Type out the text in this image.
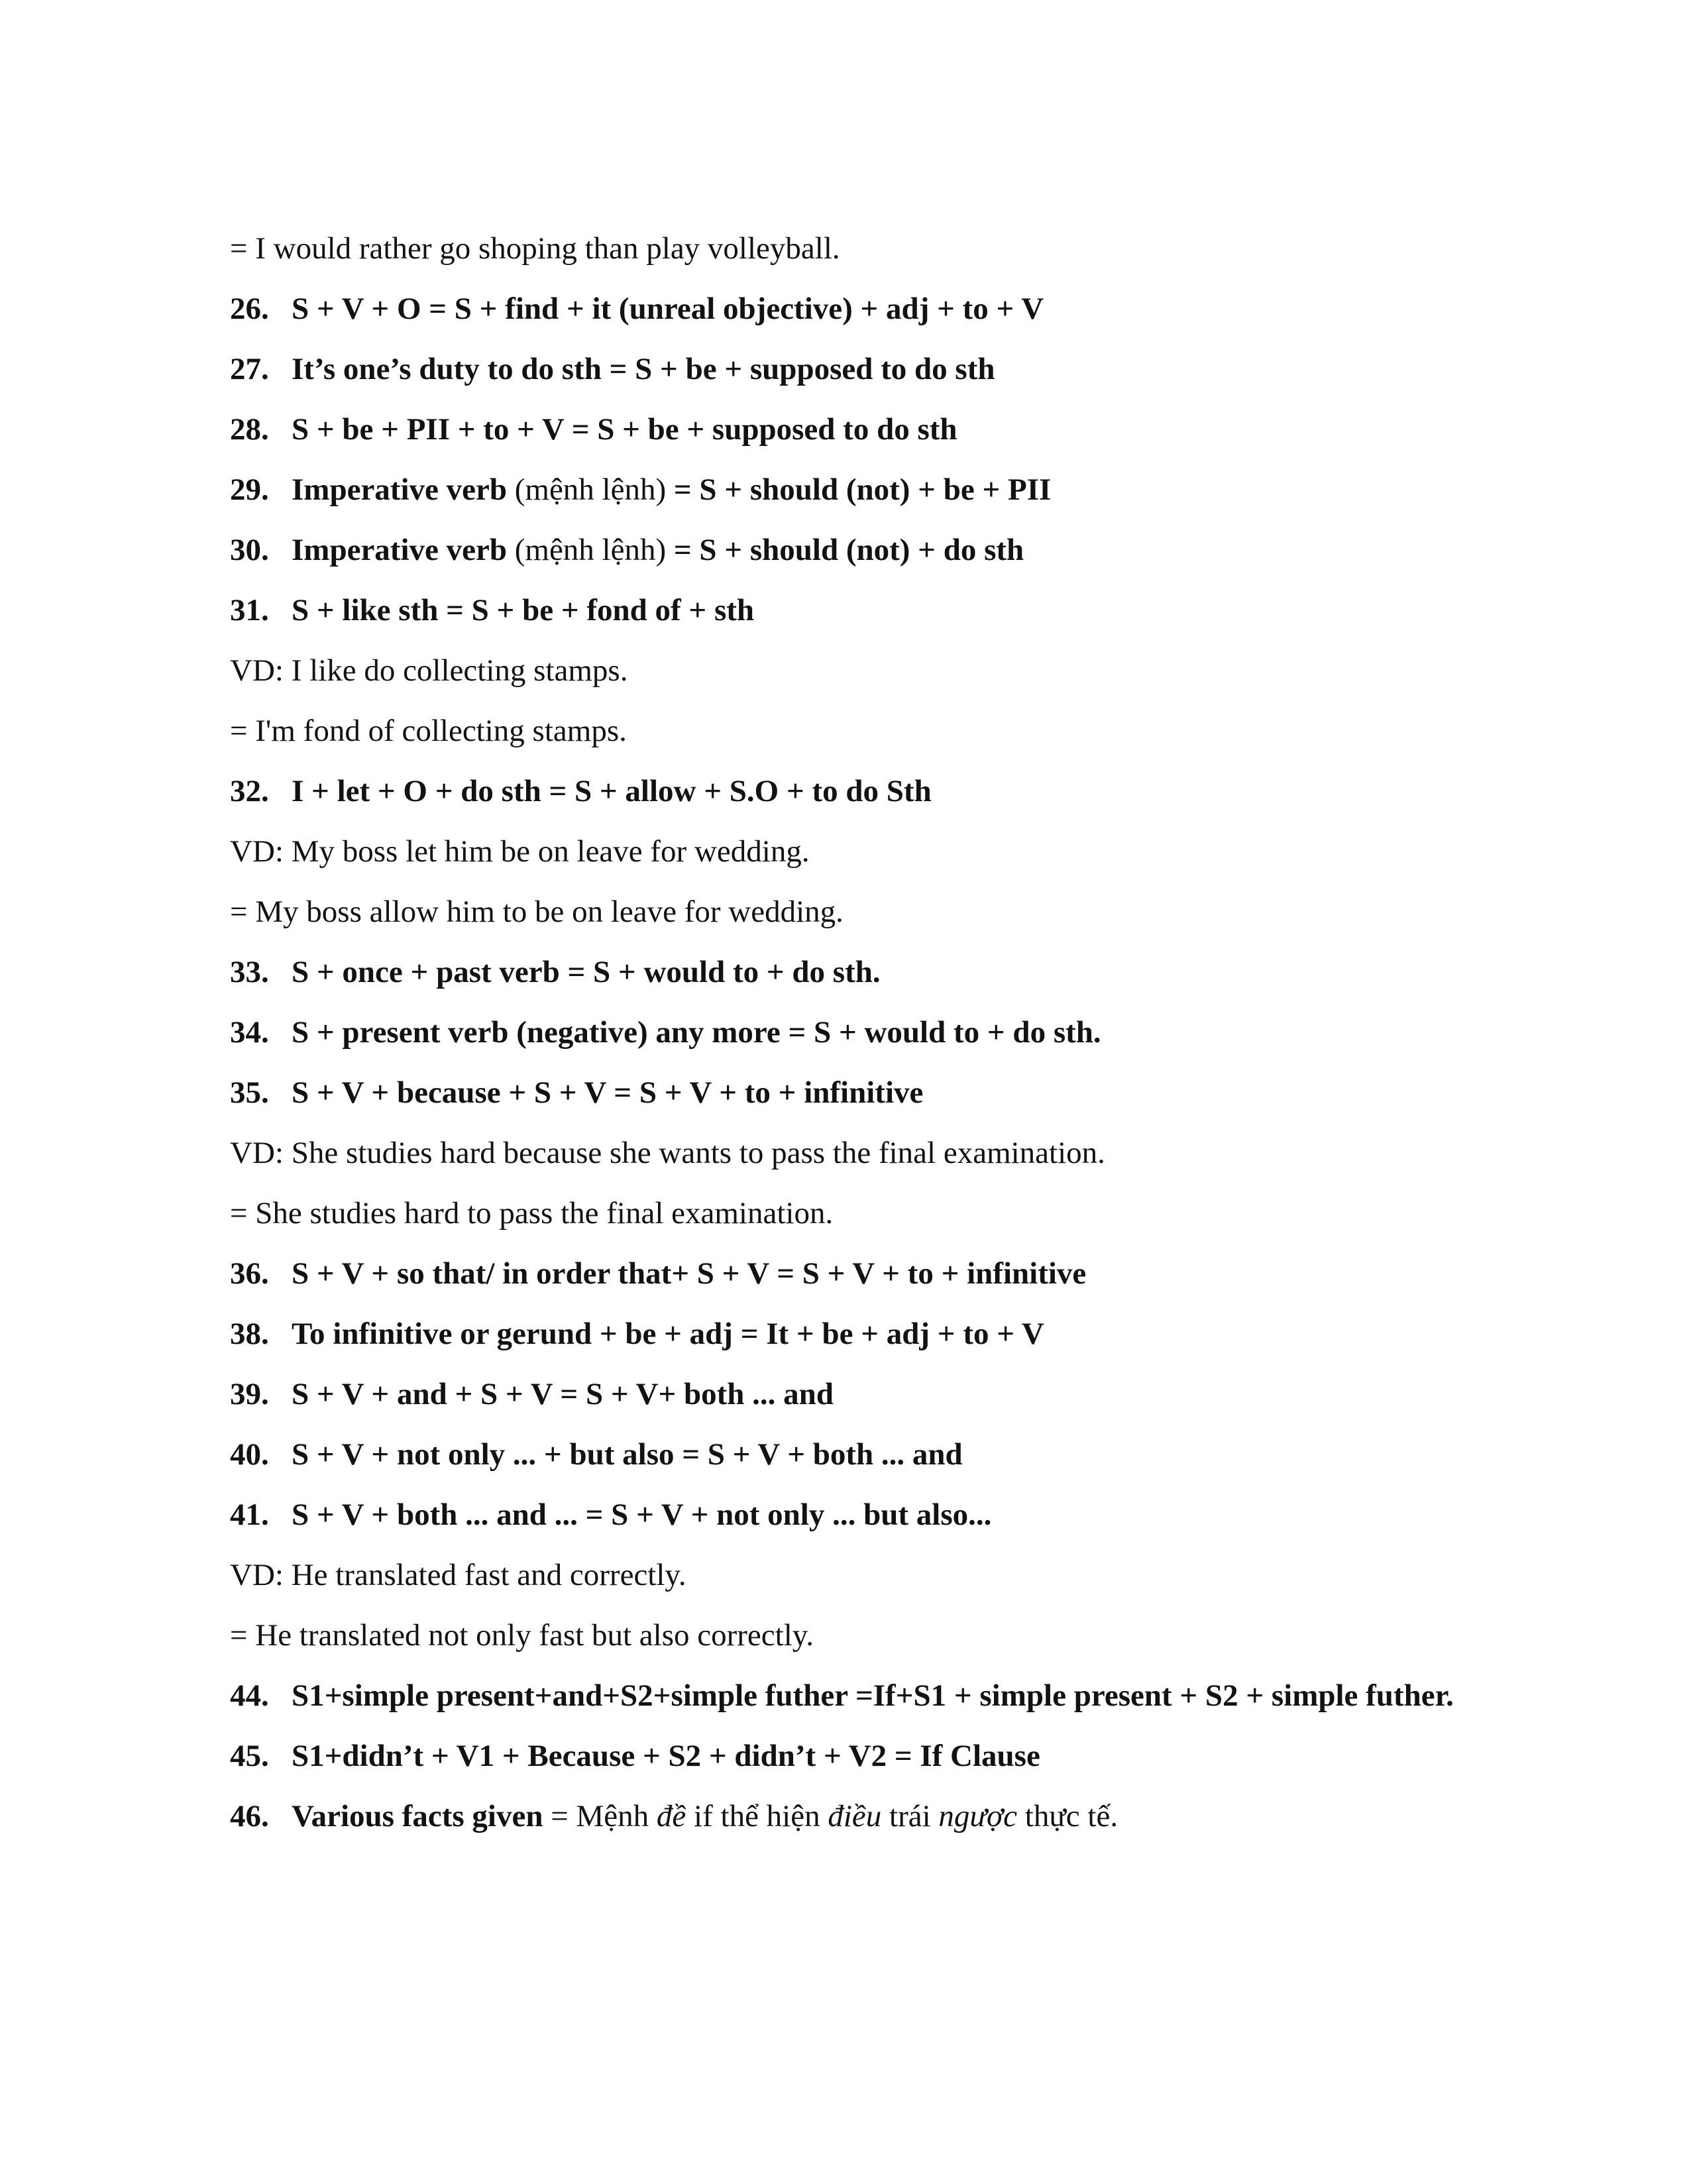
= I would rather go shoping than play volleyball.

26. S + V + O = S + find + it (unreal objective) + adj + to + V

27. It’s one’s duty to do sth = S + be + supposed to do sth

28. S + be + PII + to + V = S + be + supposed to do sth

29. Imperative verb (mệnh lệnh) = S + should (not) + be + PII

30. Imperative verb (mệnh lệnh) = S + should (not) + do sth

31. S + like sth = S + be + fond of + sth

VD: I like do collecting stamps.

= I'm fond of collecting stamps.

32. I + let + O + do sth = S + allow + S.O + to do Sth

VD: My boss let him be on leave for wedding.

= My boss allow him to be on leave for wedding.

33. S + once + past verb = S + would to + do sth.

34. S + present verb (negative) any more = S + would to + do sth.

35. S + V + because + S + V = S + V + to + infinitive

VD: She studies hard because she wants to pass the final examination.

= She studies hard to pass the final examination.

36. S + V + so that/ in order that+ S + V = S + V + to + infinitive

38. To infinitive or gerund + be + adj = It + be + adj + to + V

39. S + V + and + S + V = S + V+ both ... and

40. S + V + not only ... + but also = S + V + both ... and

41. S + V + both ... and ... = S + V + not only ... but also...

VD: He translated fast and correctly.

= He translated not only fast but also correctly.

44. S1+simple present+and+S2+simple futher =If+S1 + simple present + S2 + simple futher.

45. S1+didn’t + V1 + Because + S2 + didn’t + V2 = If Clause

46. Various facts given = Mệnh đề if thể hiện điều trái ngược thực tế.
